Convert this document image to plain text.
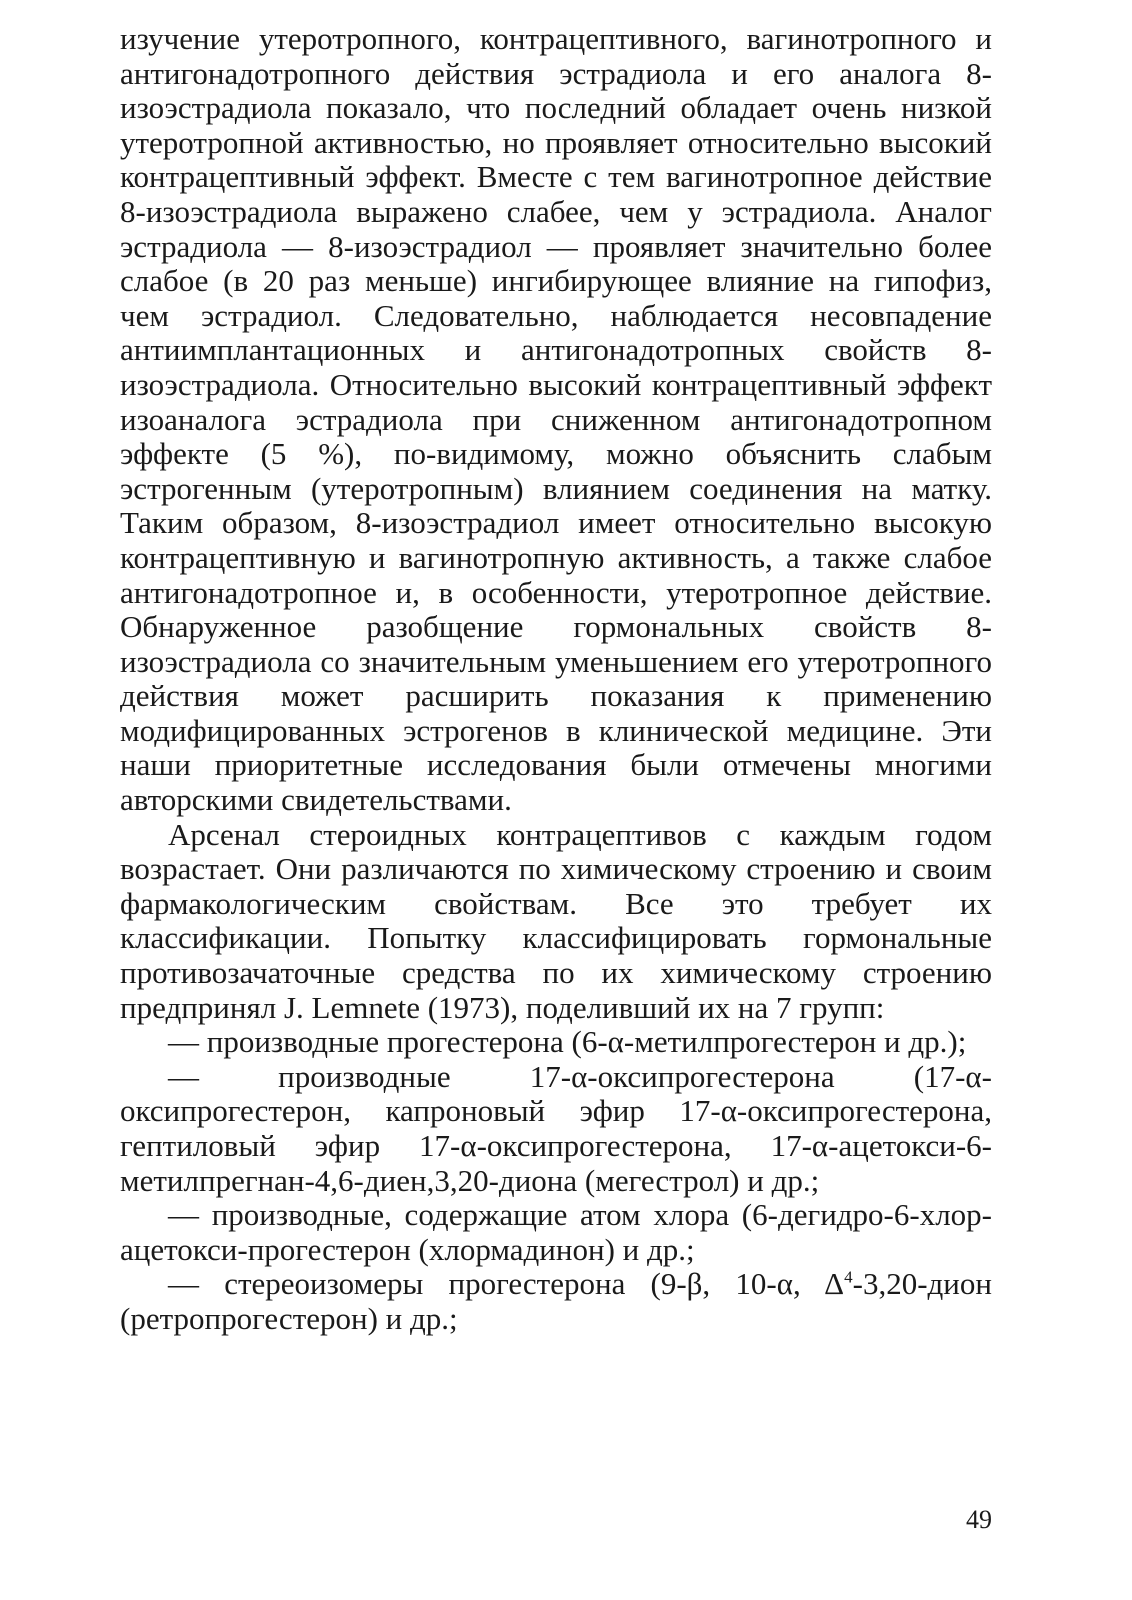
изучение утеротропного, контрацептивного, вагинотропного и антигонадотропного действия эстрадиола и его аналога 8-изоэстрадиола показало, что последний обладает очень низкой утеротропной активностью, но проявляет относительно высокий контрацептивный эффект. Вместе с тем вагинотропное действие 8-изоэстрадиола выражено слабее, чем у эстрадиола. Аналог эстрадиола — 8-изоэстрадиол — проявляет значительно более слабое (в 20 раз меньше) ингибирующее влияние на гипофиз, чем эстрадиол. Следовательно, наблюдается несовпадение антиимплантационных и антигонадотропных свойств 8-изоэстрадиола. Относительно высокий контрацептивный эффект изоаналога эстрадиола при сниженном антигонадотропном эффекте (5 %), по-видимому, можно объяснить слабым эстрогенным (утеротропным) влиянием соединения на матку. Таким образом, 8-изоэстрадиол имеет относительно высокую контрацептивную и вагинотропную активность, а также слабое антигонадотропное и, в особенности, утеротропное действие. Обнаруженное разобщение гормональных свойств 8-изоэстрадиола со значительным уменьшением его утеротропного действия может расширить показания к применению модифицированных эстрогенов в клинической медицине. Эти наши приоритетные исследования были отмечены многими авторскими свидетельствами.

Арсенал стероидных контрацептивов с каждым годом возрастает. Они различаются по химическому строению и своим фармакологическим свойствам. Все это требует их классификации. Попытку классифицировать гормональные противозачаточные средства по их химическому строению предпринял J. Lemnete (1973), поделивший их на 7 групп:

— производные прогестерона (6-α-метилпрогестерон и др.);

— производные 17-α-оксипрогестерона (17-α-оксипрогестерон, капроновый эфир 17-α-оксипрогестерона, гептиловый эфир 17-α-оксипрогестерона, 17-α-ацетокси-6-метилпрегнан-4,6-диен,3,20-диона (мегестрол) и др.;

— производные, содержащие атом хлора (6-дегидро-6-хлор-ацетокси-прогестерон (хлормадинон) и др.;

— стереоизомеры прогестерона (9-β, 10-α, $\Delta^4-3,20$-дион (ретропрогестерон) и др.;

49
